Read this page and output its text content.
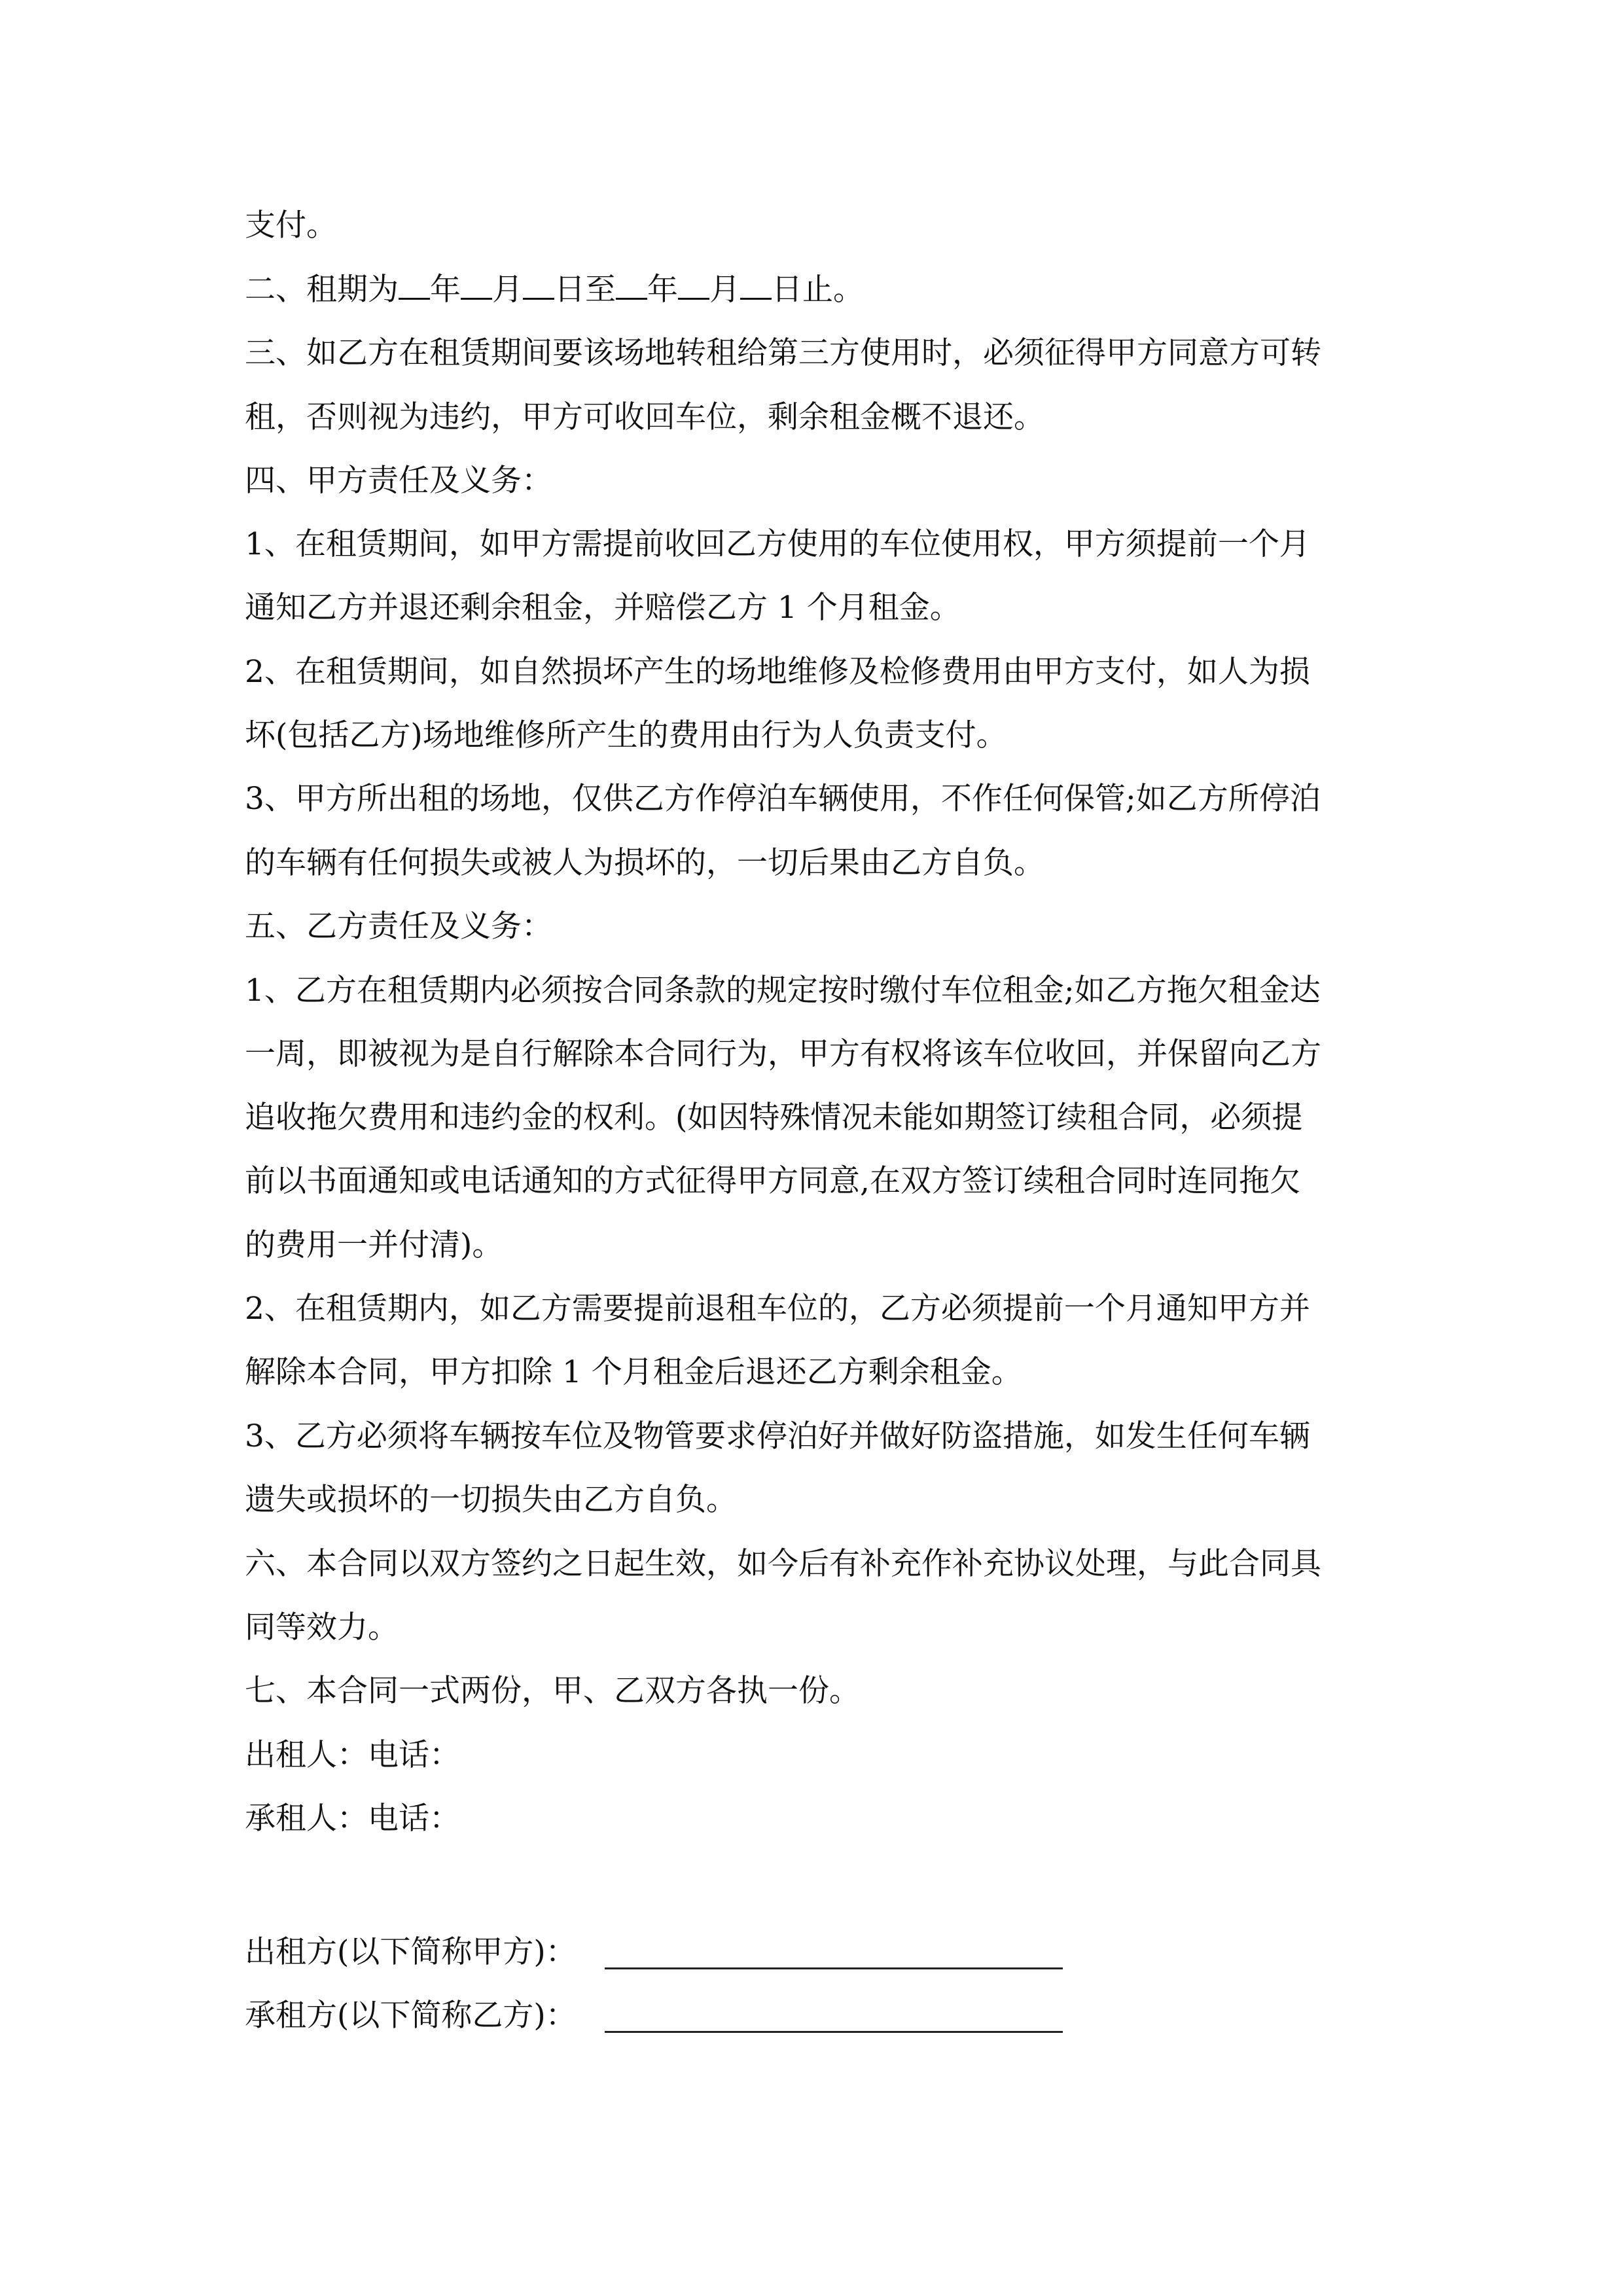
支付。
二、租期为 年 月 日至 年 月 日止。
三、如乙方在租赁期间要该场地转租给第三方使用时，必须征得甲方同意方可转
租，否则视为违约，甲方可收回车位，剩余租金概不退还。
四、甲方责任及义务：
1、在租赁期间，如甲方需提前收回乙方使用的车位使用权，甲方须提前一个月
通知乙方并退还剩余租金，并赔偿乙方 1 个月租金。
2、在租赁期间，如自然损坏产生的场地维修及检修费用由甲方支付，如人为损
坏(包括乙方)场地维修所产生的费用由行为人负责支付。
3、甲方所出租的场地，仅供乙方作停泊车辆使用，不作任何保管;如乙方所停泊
的车辆有任何损失或被人为损坏的，一切后果由乙方自负。
五、乙方责任及义务：
1、乙方在租赁期内必须按合同条款的规定按时缴付车位租金;如乙方拖欠租金达
一周，即被视为是自行解除本合同行为，甲方有权将该车位收回，并保留向乙方
追收拖欠费用和违约金的权利。(如因特殊情况未能如期签订续租合同，必须提
前以书面通知或电话通知的方式征得甲方同意,在双方签订续租合同时连同拖欠
的费用一并付清)。
2、在租赁期内，如乙方需要提前退租车位的，乙方必须提前一个月通知甲方并
解除本合同，甲方扣除 1 个月租金后退还乙方剩余租金。
3、乙方必须将车辆按车位及物管要求停泊好并做好防盗措施，如发生任何车辆
遗失或损坏的一切损失由乙方自负。
六、本合同以双方签约之日起生效，如今后有补充作补充协议处理，与此合同具
同等效力。
七、本合同一式两份，甲、乙双方各执一份。
出租人：电话：
承租人：电话：
出租方(以下简称甲方)：
承租方(以下简称乙方)：
